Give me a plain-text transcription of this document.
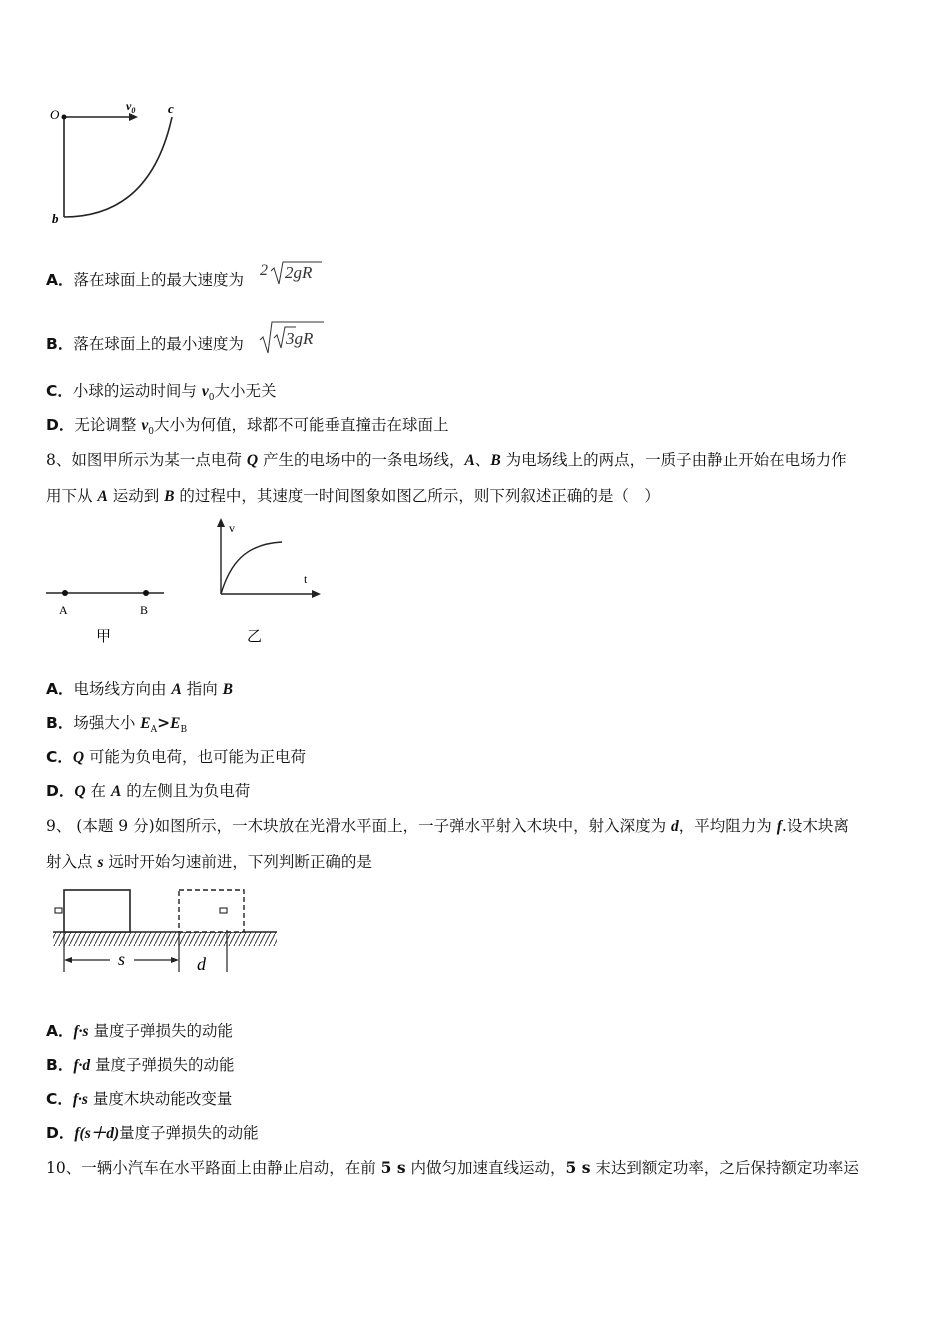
O
$v_0$	c
b
A．落在球面上的最大速度为
2 2gR
B．落在球面上的最小速度为 3gR
C．小球的运动时间与 $v_0$大小无关
D．无论调整 $v_0$大小为何值，球都不可能垂直撞击在球面上
8、如图甲所示为某一点电荷 Q 产生的电场中的一条电场线，A、B 为电场线上的两点，一质子由静止开始在电场力作
用下从 A 运动到 B 的过程中，其速度一时间图象如图乙所示，则下列叙述正确的是（　）
A	B
甲
v
t
乙
A．电场线方向由 A 指向 B
B．场强大小 $E_A>E_B$
C．Q 可能为负电荷，也可能为正电荷
D．Q 在 A 的左侧且为负电荷
9、 (本题 9 分)如图所示，一木块放在光滑水平面上，一子弹水平射入木块中，射入深度为 d，平均阻力为 f.设木块离
射入点 s 远时开始匀速前进，下列判断正确的是
s	d
A．f·s 量度子弹损失的动能
B．f·d 量度子弹损失的动能
C．f·s 量度木块动能改变量
D．f(s＋d)量度子弹损失的动能
10、一辆小汽车在水平路面上由静止启动，在前 5 s 内做匀加速直线运动，5 s 末达到额定功率，之后保持额定功率运
